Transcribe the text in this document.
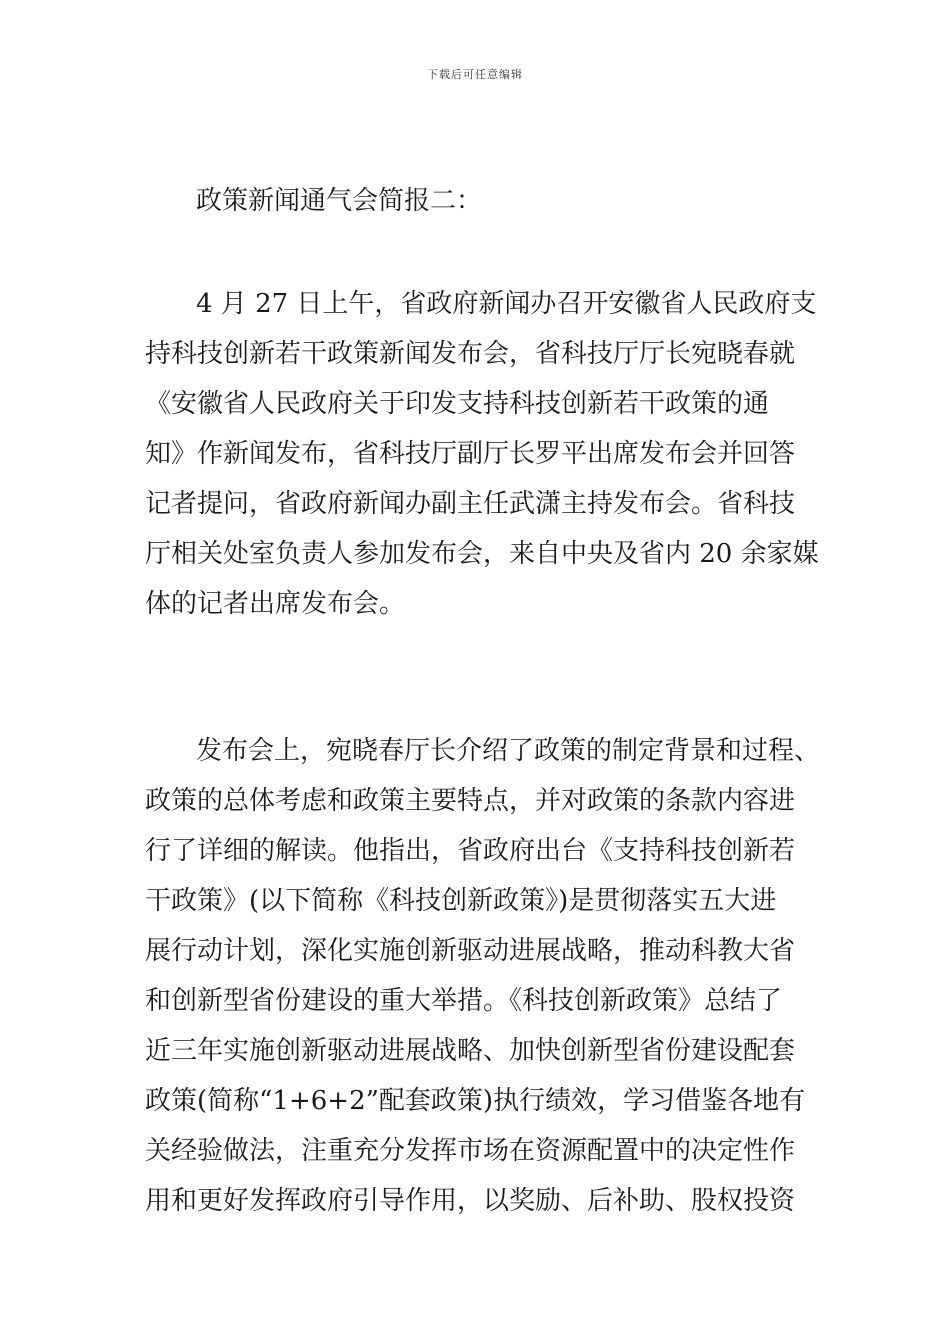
下载后可任意编辑
政策新闻通气会简报二：
4 月 27 日上午，省政府新闻办召开安徽省人民政府支
持科技创新若干政策新闻发布会，省科技厅厅长宛晓春就
《安徽省人民政府关于印发支持科技创新若干政策的通
知》作新闻发布，省科技厅副厅长罗平出席发布会并回答
记者提问，省政府新闻办副主任武潇主持发布会。省科技
厅相关处室负责人参加发布会，来自中央及省内 20 余家媒
体的记者出席发布会。
发布会上，宛晓春厅长介绍了政策的制定背景和过程、
政策的总体考虑和政策主要特点，并对政策的条款内容进
行了详细的解读。他指出，省政府出台《支持科技创新若
干政策》(以下简称《科技创新政策》)是贯彻落实五大进
展行动计划，深化实施创新驱动进展战略，推动科教大省
和创新型省份建设的重大举措。《科技创新政策》总结了
近三年实施创新驱动进展战略、加快创新型省份建设配套
政策(简称“1+6+2”配套政策)执行绩效，学习借鉴各地有
关经验做法，注重充分发挥市场在资源配置中的决定性作
用和更好发挥政府引导作用，以奖励、后补助、股权投资
